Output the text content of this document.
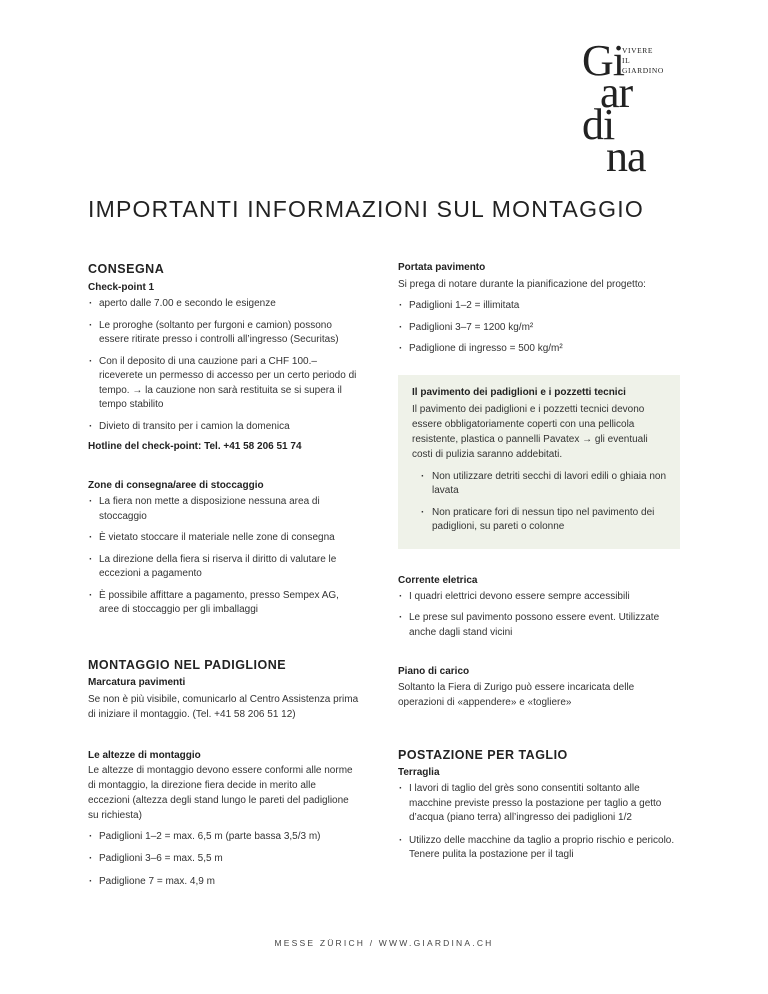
Gi
VIVERE
IL
GIARDINO
ar
di
na
IMPORTANTI INFORMAZIONI SUL MONTAGGIO
CONSEGNA
Check-point 1
· aperto dalle 7.00 e secondo le esigenze
· Le proroghe (soltanto per furgoni e camion) possono essere ritirate presso i controlli all’ingresso (Securitas)
· Con il deposito di una cauzione pari a CHF 100.– riceverete un permesso di accesso per un certo periodo di tempo. → la cauzione non sarà restituita se si supera il tempo stabilito
· Divieto di transito per i camion la domenica
Hotline del check-point: Tel. +41 58 206 51 74
Zone di consegna/aree di stoccaggio
· La fiera non mette a disposizione nessuna area di stoccaggio
· È vietato stoccare il materiale nelle zone di consegna
· La direzione della fiera si riserva il diritto di valutare le eccezioni a pagamento
· È possibile affittare a pagamento, presso Sempex AG, aree di stoccaggio per gli imballaggi
MONTAGGIO NEL PADIGLIONE
Marcatura pavimenti
Se non è più visibile, comunicarlo al Centro Assistenza prima di iniziare il montaggio. (Tel. +41 58 206 51 12)
Le altezze di montaggio
Le altezze di montaggio devono essere conformi alle norme di montaggio, la direzione fiera decide in merito alle eccezioni (altezza degli stand lungo le pareti del padiglione su richiesta)
· Padiglioni 1–2 = max. 6,5 m (parte bassa 3,5/3 m)
· Padiglioni 3–6 = max. 5,5 m
· Padiglione 7 = max. 4,9 m
Portata pavimento
Si prega di notare durante la pianificazione del progetto:
· Padiglioni 1–2 = illimitata
· Padiglioni 3–7 = 1200 kg/m²
· Padiglione di ingresso = 500 kg/m²
Il pavimento dei padiglioni e i pozzetti tecnici
Il pavimento dei padiglioni e i pozzetti tecnici devono essere obbligatoriamente coperti con una pellicola resistente, plastica o pannelli Pavatex → gli eventuali costi di pulizia saranno addebitati.
· Non utilizzare detriti secchi di lavori edili o ghiaia non lavata
· Non praticare fori di nessun tipo nel pavimento dei padiglioni, su pareti o colonne
Corrente eletrica
· I quadri elettrici devono essere sempre accessibili
· Le prese sul pavimento possono essere event. Utilizzate anche dagli stand vicini
Piano di carico
Soltanto la Fiera di Zurigo può essere incaricata delle operazioni di «appendere» e «togliere»
POSTAZIONE PER TAGLIO
Terraglia
· I lavori di taglio del grès sono consentiti soltanto alle macchine previste presso la postazione per taglio a getto d’acqua (piano terra) all’ingresso dei padiglioni 1/2
· Utilizzo delle macchine da taglio a proprio rischio e pericolo. Tenere pulita la postazione per il tagli
MESSE ZÜRICH / WWW.GIARDINA.CH
